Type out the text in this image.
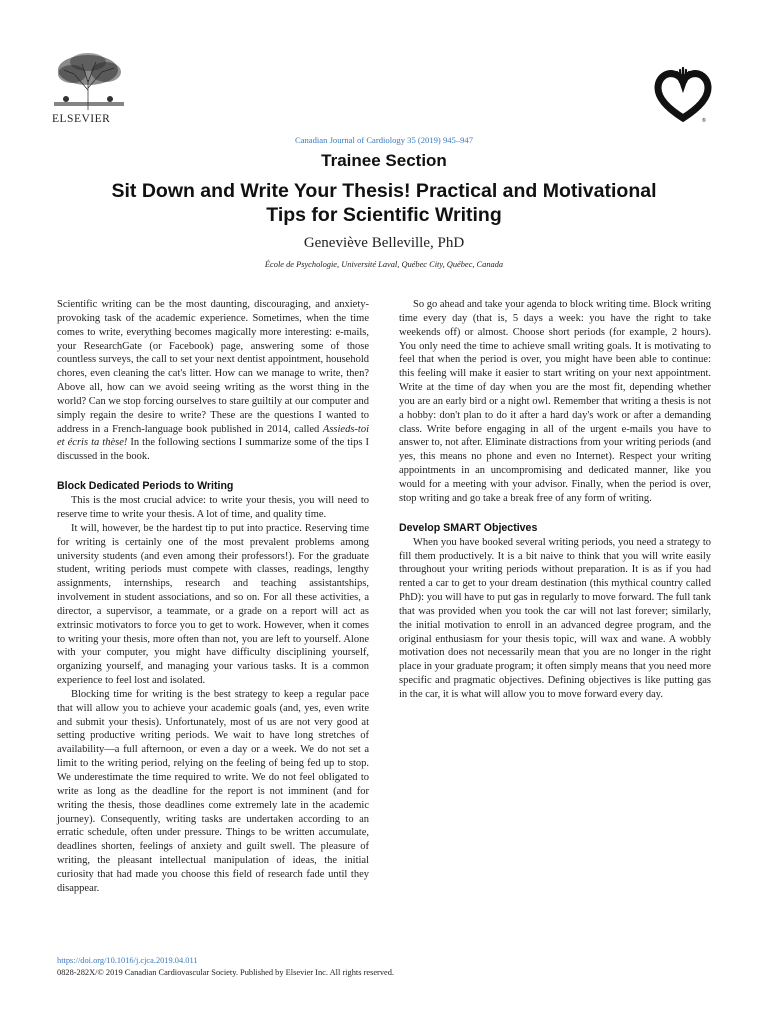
ELSEVIER	®
Canadian Journal of Cardiology 35 (2019) 945–947
Trainee Section
Sit Down and Write Your Thesis! Practical and Motivational
Tips for Scientific Writing
Geneviève Belleville, PhD
École de Psychologie, Université Laval, Québec City, Québec, Canada

Scientific writing can be the most daunting, discouraging, and anxiety-provoking task of the academic experience. Sometimes, when the time comes to write, everything becomes magically more interesting: e-mails, your ResearchGate (or Facebook) page, answering some of those countless surveys, the call to set your next dentist appointment, household chores, even cleaning the cat's litter. How can we manage to write, then? Above all, how can we avoid seeing writing as the worst thing in the world? Can we stop forcing ourselves to stare guiltily at our computer and simply regain the desire to write? These are the questions I wanted to address in a French-language book published in 2014, called Assieds-toi et écris ta thèse! In the following sections I summarize some of the tips I discussed in the book.

Block Dedicated Periods to Writing

This is the most crucial advice: to write your thesis, you will need to reserve time to write your thesis. A lot of time, and quality time.

It will, however, be the hardest tip to put into practice. Reserving time for writing is certainly one of the most prevalent problems among university students (and even among their professors!). For the graduate student, writing periods must compete with classes, readings, lengthy assignments, internships, research and teaching assistantships, involvement in student associations, and so on. For all these activities, a director, a supervisor, a teammate, or a grade on a report will act as extrinsic motivators to force you to get to work. However, when it comes to writing your thesis, more often than not, you are left to yourself. Alone with your computer, you might have difficulty disciplining yourself, organizing yourself, and managing your various tasks. It is a common experience to feel lost and isolated.

Blocking time for writing is the best strategy to keep a regular pace that will allow you to achieve your academic goals (and, yes, even write and submit your thesis). Unfortunately, most of us are not very good at setting productive writing periods. We wait to have long stretches of availability—a full afternoon, or even a day or a week. We do not set a limit to the writing period, relying on the feeling of being fed up to stop. We underestimate the time required to write. We do not feel obligated to write as long as the deadline for the report is not imminent (and for writing the thesis, those deadlines come extremely late in the academic journey). Consequently, writing tasks are undertaken according to an erratic schedule, often under pressure. Things to be written accumulate, deadlines shorten, feelings of anxiety and guilt swell. The pleasure of writing, the pleasant intellectual manipulation of ideas, the initial curiosity that had made you choose this field of research fade until they disappear.

So go ahead and take your agenda to block writing time. Block writing time every day (that is, 5 days a week: you have the right to take weekends off) or almost. Choose short periods (for example, 2 hours). You only need the time to achieve small writing goals. It is motivating to feel that when the period is over, you might have been able to continue: this feeling will make it easier to start writing on your next appointment. Write at the time of day when you are the most fit, depending whether you are an early bird or a night owl. Remember that writing a thesis is not a hobby: don't plan to do it after a hard day's work or after a demanding class. Write before engaging in all of the urgent e-mails you have to answer to, not after. Eliminate distractions from your writing periods (and yes, this means no phone and even no Internet). Respect your writing appointments in an uncompromising and dedicated manner, like you would for a meeting with your advisor. Finally, when the period is over, stop writing and go take a break free of any form of writing.

Develop SMART Objectives

When you have booked several writing periods, you need a strategy to fill them productively. It is a bit naive to think that you will write easily throughout your writing periods without preparation. It is as if you had rented a car to get to your dream destination (this mythical country called PhD): you will have to put gas in regularly to move forward. The full tank that was provided when you took the car will not last forever; similarly, the initial motivation to enroll in an advanced degree program, and the original enthusiasm for your thesis topic, will wax and wane. A wobbly motivation does not necessarily mean that you are no longer in the right place in your graduate program; it often simply means that you need more specific and pragmatic objectives. Defining objectives is like putting gas in the car, it is what will allow you to move forward every day.

https://doi.org/10.1016/j.cjca.2019.04.011
0828-282X/© 2019 Canadian Cardiovascular Society. Published by Elsevier Inc. All rights reserved.
